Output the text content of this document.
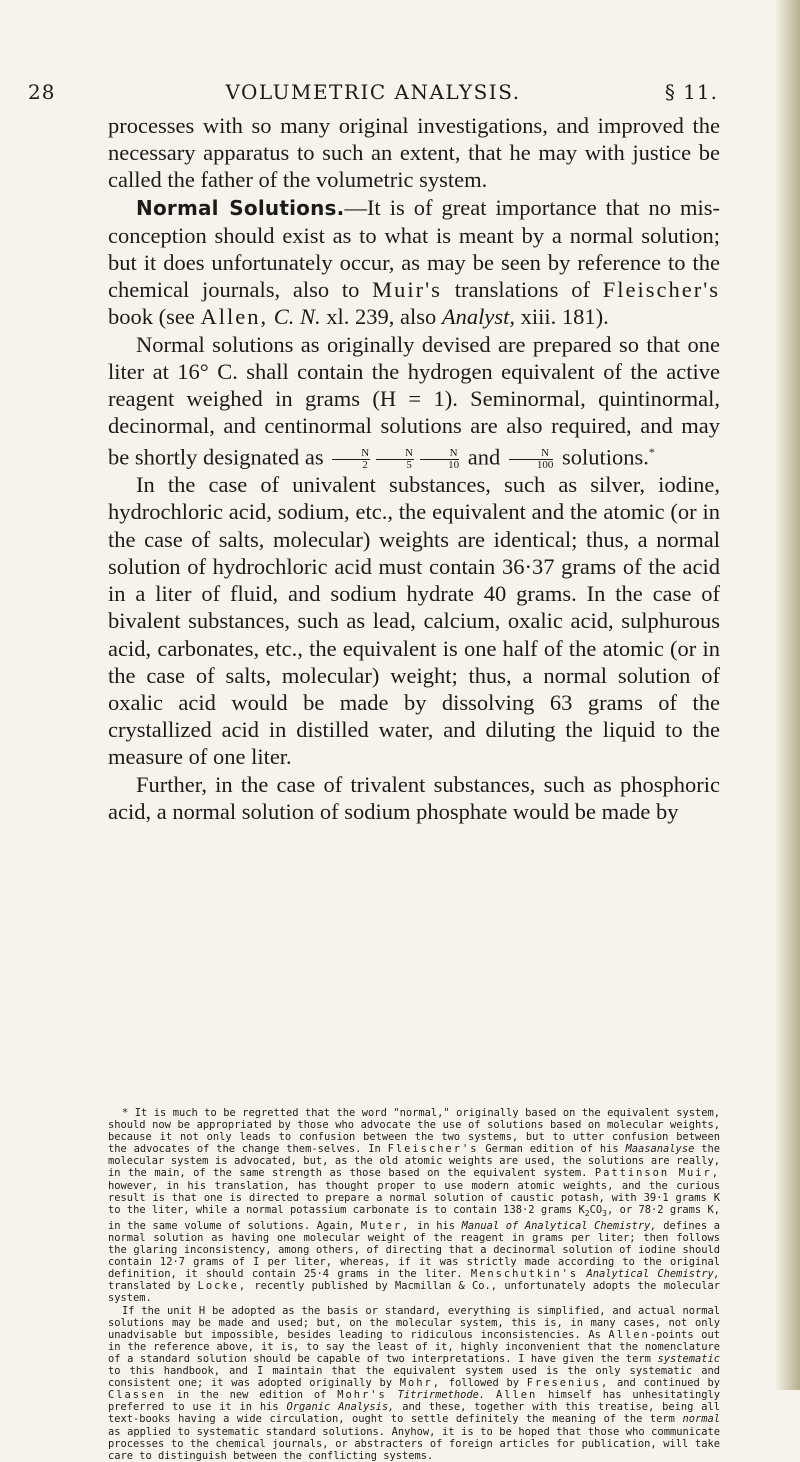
28	VOLUMETRIC ANALYSIS.	§ 11.

processes with so many original investigations, and improved the necessary apparatus to such an extent, that he may with justice be called the father of the volumetric system.

Normal Solutions.—It is of great importance that no mis-conception should exist as to what is meant by a normal solution; but it does unfortunately occur, as may be seen by reference to the chemical journals, also to Muir's translations of Fleischer's book (see Allen, C. N. xl. 239, also Analyst, xiii. 181).

Normal solutions as originally devised are prepared so that one liter at 16° C. shall contain the hydrogen equivalent of the active reagent weighed in grams (H = 1). Seminormal, quintinormal, decinormal, and centinormal solutions are also required, and may be shortly designated as $\frac{N}{2} \frac{N}{5} \frac{N}{10}$ and $\frac{N}{100}$ solutions.*

In the case of univalent substances, such as silver, iodine, hydrochloric acid, sodium, etc., the equivalent and the atomic (or in the case of salts, molecular) weights are identical; thus, a normal solution of hydrochloric acid must contain 36·37 grams of the acid in a liter of fluid, and sodium hydrate 40 grams. In the case of bivalent substances, such as lead, calcium, oxalic acid, sulphurous acid, carbonates, etc., the equivalent is one half of the atomic (or in the case of salts, molecular) weight; thus, a normal solution of oxalic acid would be made by dissolving 63 grams of the crystallized acid in distilled water, and diluting the liquid to the measure of one liter.

Further, in the case of trivalent substances, such as phosphoric acid, a normal solution of sodium phosphate would be made by

* It is much to be regretted that the word "normal," originally based on the equivalent system, should now be appropriated by those who advocate the use of solutions based on molecular weights, because it not only leads to confusion between the two systems, but to utter confusion between the advocates of the change them-selves. In Fleischer's German edition of his Maasanalyse the molecular system is advocated, but, as the old atomic weights are used, the solutions are really, in the main, of the same strength as those based on the equivalent system. Pattinson Muir, however, in his translation, has thought proper to use modern atomic weights, and the curious result is that one is directed to prepare a normal solution of caustic potash, with 39·1 grams K to the liter, while a normal potassium carbonate is to contain 138·2 grams $K_2CO_3$, or 78·2 grams K, in the same volume of solutions. Again, Muter, in his Manual of Analytical Chemistry, defines a normal solution as having one molecular weight of the reagent in grams per liter; then follows the glaring inconsistency, among others, of directing that a decinormal solution of iodine should contain 12·7 grams of I per liter, whereas, if it was strictly made according to the original definition, it should contain 25·4 grams in the liter. Menschutkin's Analytical Chemistry, translated by Locke, recently published by Macmillan & Co., unfortunately adopts the molecular system.

If the unit H be adopted as the basis or standard, everything is simplified, and actual normal solutions may be made and used; but, on the molecular system, this is, in many cases, not only unadvisable but impossible, besides leading to ridiculous inconsistencies. As Allen-points out in the reference above, it is, to say the least of it, highly inconvenient that the nomenclature of a standard solution should be capable of two interpretations. I have given the term systematic to this handbook, and I maintain that the equivalent system used is the only systematic and consistent one; it was adopted originally by Mohr, followed by Fresenius, and continued by Classen in the new edition of Mohr's Titrirmethode. Allen himself has unhesitatingly preferred to use it in his Organic Analysis, and these, together with this treatise, being all text-books having a wide circulation, ought to settle definitely the meaning of the term normal as applied to systematic standard solutions. Anyhow, it is to be hoped that those who communicate processes to the chemical journals, or abstracters of foreign articles for publication, will take care to distinguish between the conflicting systems.
